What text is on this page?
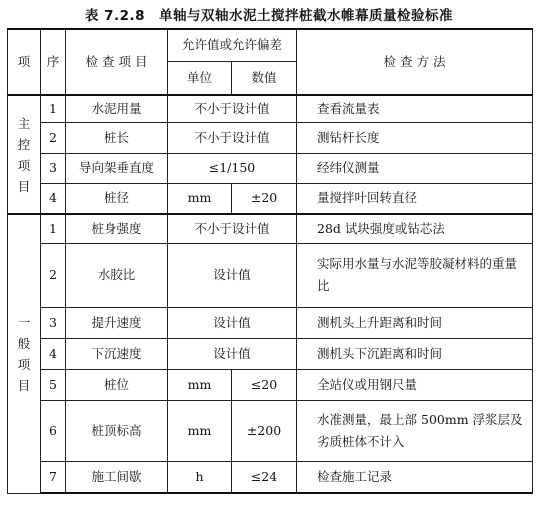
表 7.2.8　单轴与双轴水泥土搅拌桩截水帷幕质量检验标准
项	序	检 查 项 目	允许值或允许偏差		检 查 方 法
			单位	数值	

主
控
项
目	1	水泥用量	不小于设计值		查看流量表
	2	桩长	不小于设计值		测钻杆长度
	3	导向架垂直度	≤1/150		经纬仪测量
	4	桩径	mm	±20	量搅拌叶回转直径

一
般
项
目	1	桩身强度	不小于设计值		28d 试块强度或钻芯法
	2	水胶比	设计值		实际用水量与水泥等胶凝材料的重量比
	3	提升速度	设计值		测机头上升距离和时间
	4	下沉速度	设计值		测机头下沉距离和时间
	5	桩位	mm	≤20	全站仪或用钢尺量
	6	桩顶标高	mm	±200	水准测量，最上部 500mm 浮浆层及劣质桩体不计入
	7	施工间歇	h	≤24	检查施工记录
